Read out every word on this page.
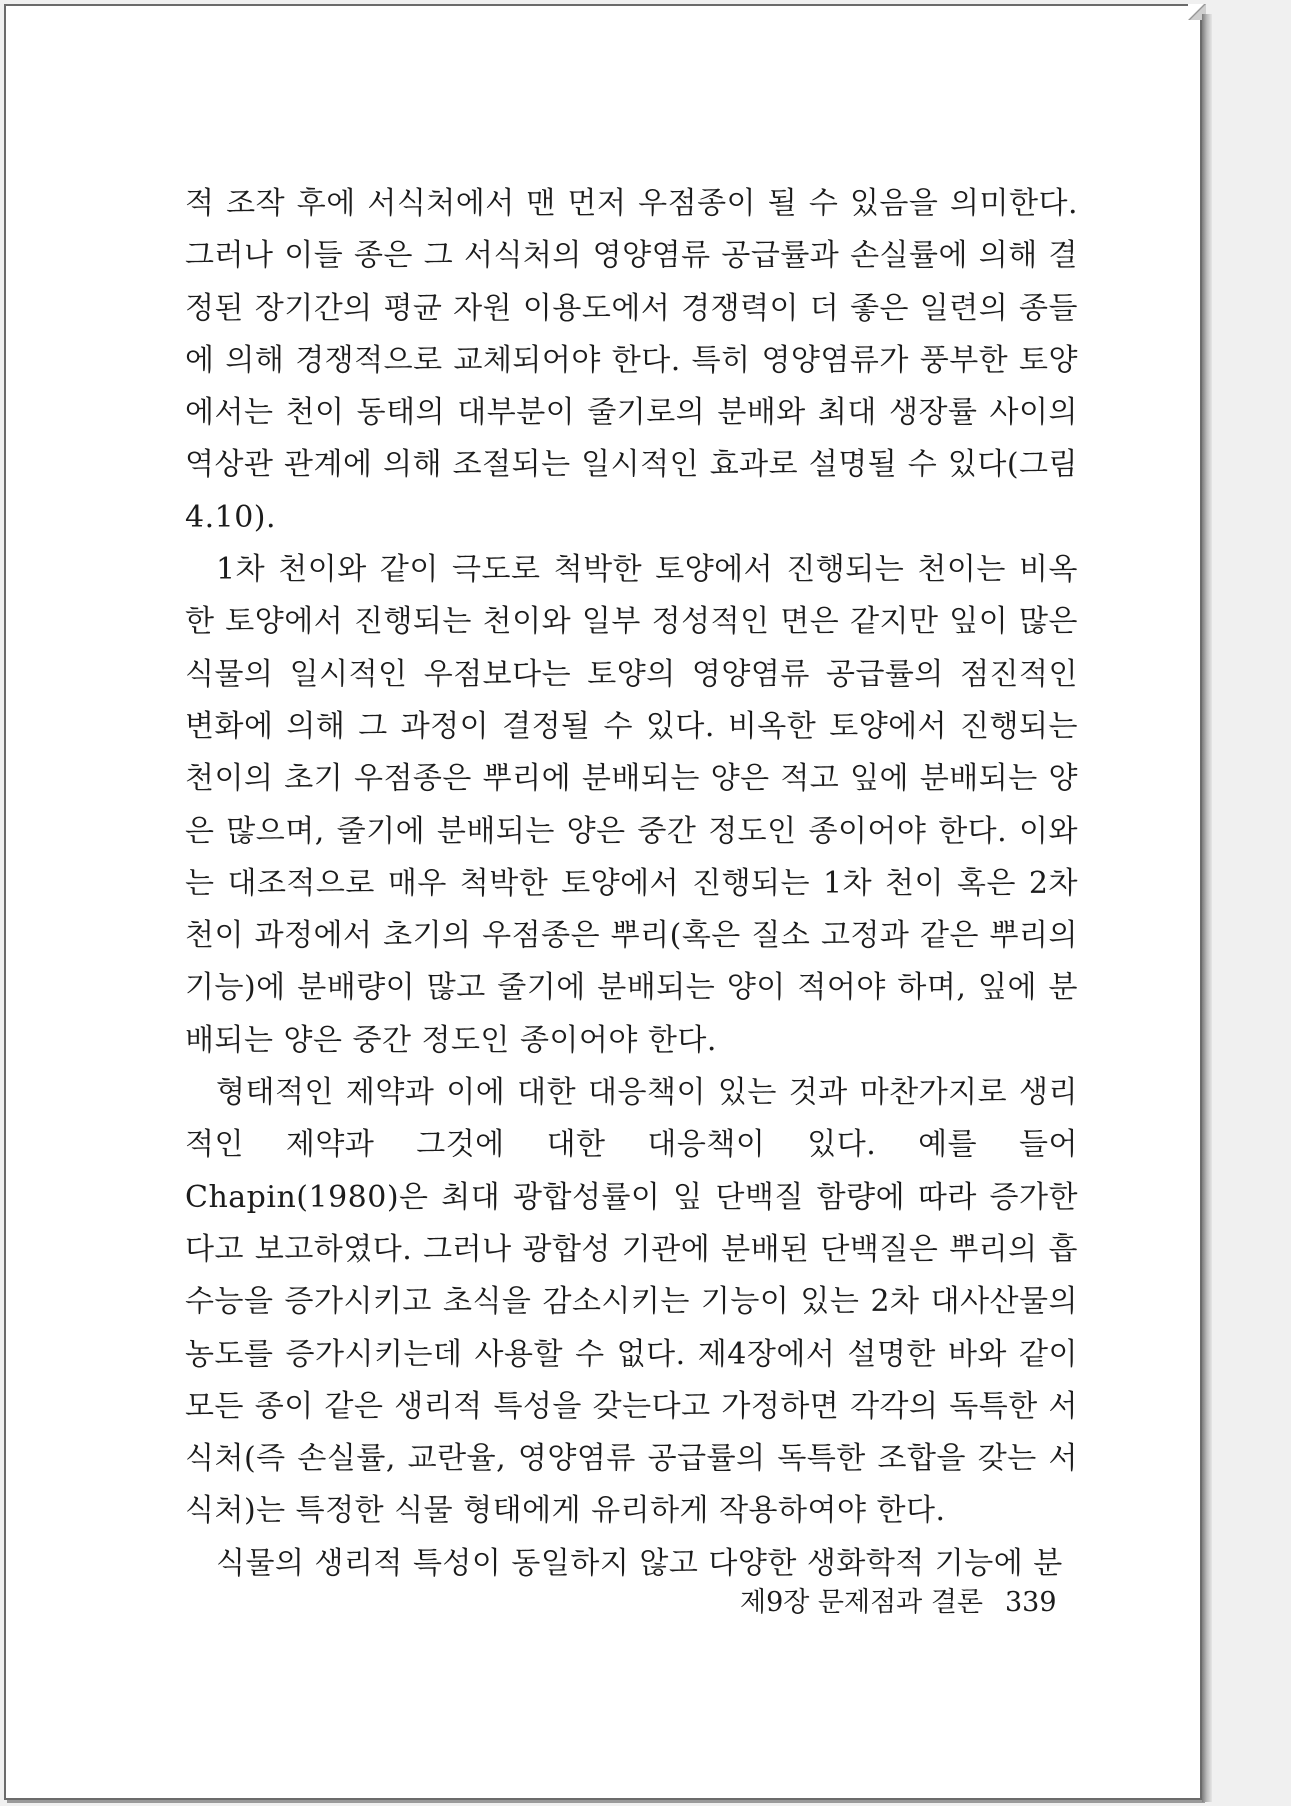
적 조작 후에 서식처에서 맨 먼저 우점종이 될 수 있음을 의미한다. 그러나 이들 종은 그 서식처의 영양염류 공급률과 손실률에 의해 결정된 장기간의 평균 자원 이용도에서 경쟁력이 더 좋은 일련의 종들에 의해 경쟁적으로 교체되어야 한다. 특히 영양염류가 풍부한 토양에서는 천이 동태의 대부분이 줄기로의 분배와 최대 생장률 사이의 역상관 관계에 의해 조절되는 일시적인 효과로 설명될 수 있다(그림 4.10).

1차 천이와 같이 극도로 척박한 토양에서 진행되는 천이는 비옥한 토양에서 진행되는 천이와 일부 정성적인 면은 같지만 잎이 많은 식물의 일시적인 우점보다는 토양의 영양염류 공급률의 점진적인 변화에 의해 그 과정이 결정될 수 있다. 비옥한 토양에서 진행되는 천이의 초기 우점종은 뿌리에 분배되는 양은 적고 잎에 분배되는 양은 많으며, 줄기에 분배되는 양은 중간 정도인 종이어야 한다. 이와는 대조적으로 매우 척박한 토양에서 진행되는 1차 천이 혹은 2차 천이 과정에서 초기의 우점종은 뿌리(혹은 질소 고정과 같은 뿌리의 기능)에 분배량이 많고 줄기에 분배되는 양이 적어야 하며, 잎에 분배되는 양은 중간 정도인 종이어야 한다.

형태적인 제약과 이에 대한 대응책이 있는 것과 마찬가지로 생리적인 제약과 그것에 대한 대응책이 있다. 예를 들어 Chapin(1980)은 최대 광합성률이 잎 단백질 함량에 따라 증가한다고 보고하였다. 그러나 광합성 기관에 분배된 단백질은 뿌리의 흡수능을 증가시키고 초식을 감소시키는 기능이 있는 2차 대사산물의 농도를 증가시키는데 사용할 수 없다. 제4장에서 설명한 바와 같이 모든 종이 같은 생리적 특성을 갖는다고 가정하면 각각의 독특한 서식처(즉 손실률, 교란율, 영양염류 공급률의 독특한 조합을 갖는 서식처)는 특정한 식물 형태에게 유리하게 작용하여야 한다.

식물의 생리적 특성이 동일하지 않고 다양한 생화학적 기능에 분

제9장 문제점과 결론 339
